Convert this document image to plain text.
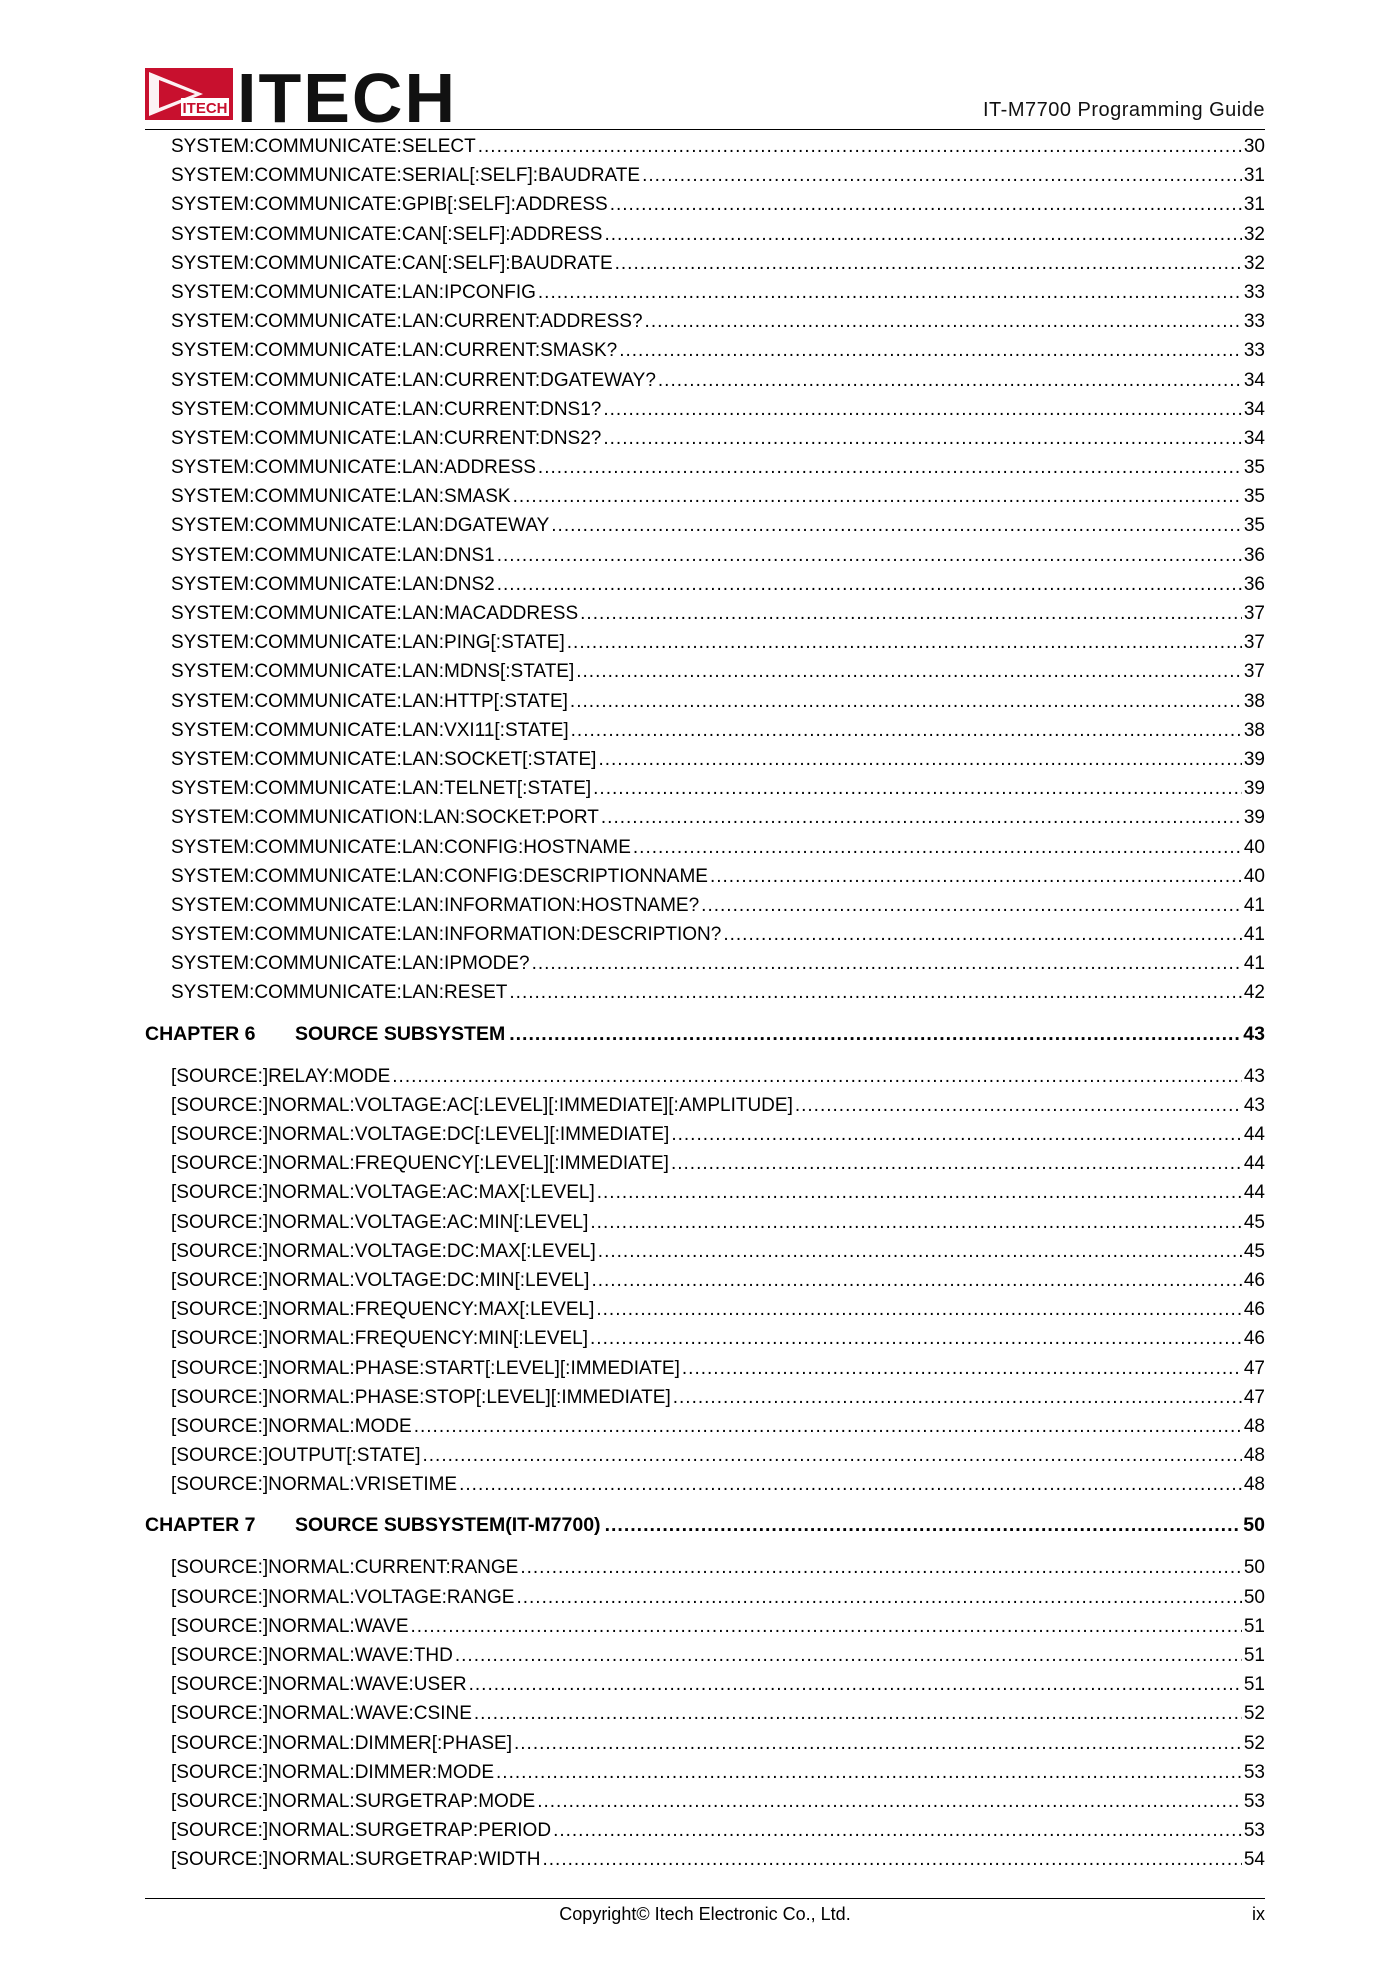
ITECH ITECH	IT-M7700 Programming Guide
SYSTEM:COMMUNICATE:SELECT .....	30
SYSTEM:COMMUNICATE:SERIAL[:SELF]:BAUDRATE .....	31
SYSTEM:COMMUNICATE:GPIB[:SELF]:ADDRESS .....	31
SYSTEM:COMMUNICATE:CAN[:SELF]:ADDRESS .....	32
SYSTEM:COMMUNICATE:CAN[:SELF]:BAUDRATE .....	32
SYSTEM:COMMUNICATE:LAN:IPCONFIG .....	33
SYSTEM:COMMUNICATE:LAN:CURRENT:ADDRESS? .....	33
SYSTEM:COMMUNICATE:LAN:CURRENT:SMASK? .....	33
SYSTEM:COMMUNICATE:LAN:CURRENT:DGATEWAY? .....	34
SYSTEM:COMMUNICATE:LAN:CURRENT:DNS1? .....	34
SYSTEM:COMMUNICATE:LAN:CURRENT:DNS2? .....	34
SYSTEM:COMMUNICATE:LAN:ADDRESS .....	35
SYSTEM:COMMUNICATE:LAN:SMASK .....	35
SYSTEM:COMMUNICATE:LAN:DGATEWAY .....	35
SYSTEM:COMMUNICATE:LAN:DNS1 .....	36
SYSTEM:COMMUNICATE:LAN:DNS2 .....	36
SYSTEM:COMMUNICATE:LAN:MACADDRESS .....	37
SYSTEM:COMMUNICATE:LAN:PING[:STATE] .....	37
SYSTEM:COMMUNICATE:LAN:MDNS[:STATE] .....	37
SYSTEM:COMMUNICATE:LAN:HTTP[:STATE] .....	38
SYSTEM:COMMUNICATE:LAN:VXI11[:STATE] .....	38
SYSTEM:COMMUNICATE:LAN:SOCKET[:STATE] .....	39
SYSTEM:COMMUNICATE:LAN:TELNET[:STATE] .....	39
SYSTEM:COMMUNICATION:LAN:SOCKET:PORT .....	39
SYSTEM:COMMUNICATE:LAN:CONFIG:HOSTNAME .....	40
SYSTEM:COMMUNICATE:LAN:CONFIG:DESCRIPTIONNAME .....	40
SYSTEM:COMMUNICATE:LAN:INFORMATION:HOSTNAME? .....	41
SYSTEM:COMMUNICATE:LAN:INFORMATION:DESCRIPTION? .....	41
SYSTEM:COMMUNICATE:LAN:IPMODE? .....	41
SYSTEM:COMMUNICATE:LAN:RESET .....	42
CHAPTER 6	SOURCE SUBSYSTEM .....	43
[SOURCE:]RELAY:MODE .....	43
[SOURCE:]NORMAL:VOLTAGE:AC[:LEVEL][:IMMEDIATE][:AMPLITUDE] .....	43
[SOURCE:]NORMAL:VOLTAGE:DC[:LEVEL][:IMMEDIATE] .....	44
[SOURCE:]NORMAL:FREQUENCY[:LEVEL][:IMMEDIATE] .....	44
[SOURCE:]NORMAL:VOLTAGE:AC:MAX[:LEVEL] .....	44
[SOURCE:]NORMAL:VOLTAGE:AC:MIN[:LEVEL] .....	45
[SOURCE:]NORMAL:VOLTAGE:DC:MAX[:LEVEL] .....	45
[SOURCE:]NORMAL:VOLTAGE:DC:MIN[:LEVEL] .....	46
[SOURCE:]NORMAL:FREQUENCY:MAX[:LEVEL] .....	46
[SOURCE:]NORMAL:FREQUENCY:MIN[:LEVEL] .....	46
[SOURCE:]NORMAL:PHASE:START[:LEVEL][:IMMEDIATE] .....	47
[SOURCE:]NORMAL:PHASE:STOP[:LEVEL][:IMMEDIATE] .....	47
[SOURCE:]NORMAL:MODE .....	48
[SOURCE:]OUTPUT[:STATE] .....	48
[SOURCE:]NORMAL:VRISETIME .....	48
CHAPTER 7	SOURCE SUBSYSTEM(IT-M7700) .....	50
[SOURCE:]NORMAL:CURRENT:RANGE .....	50
[SOURCE:]NORMAL:VOLTAGE:RANGE .....	50
[SOURCE:]NORMAL:WAVE .....	51
[SOURCE:]NORMAL:WAVE:THD .....	51
[SOURCE:]NORMAL:WAVE:USER .....	51
[SOURCE:]NORMAL:WAVE:CSINE .....	52
[SOURCE:]NORMAL:DIMMER[:PHASE] .....	52
[SOURCE:]NORMAL:DIMMER:MODE .....	53
[SOURCE:]NORMAL:SURGETRAP:MODE .....	53
[SOURCE:]NORMAL:SURGETRAP:PERIOD .....	53
[SOURCE:]NORMAL:SURGETRAP:WIDTH .....	54
Copyright© Itech Electronic Co., Ltd.	ix
